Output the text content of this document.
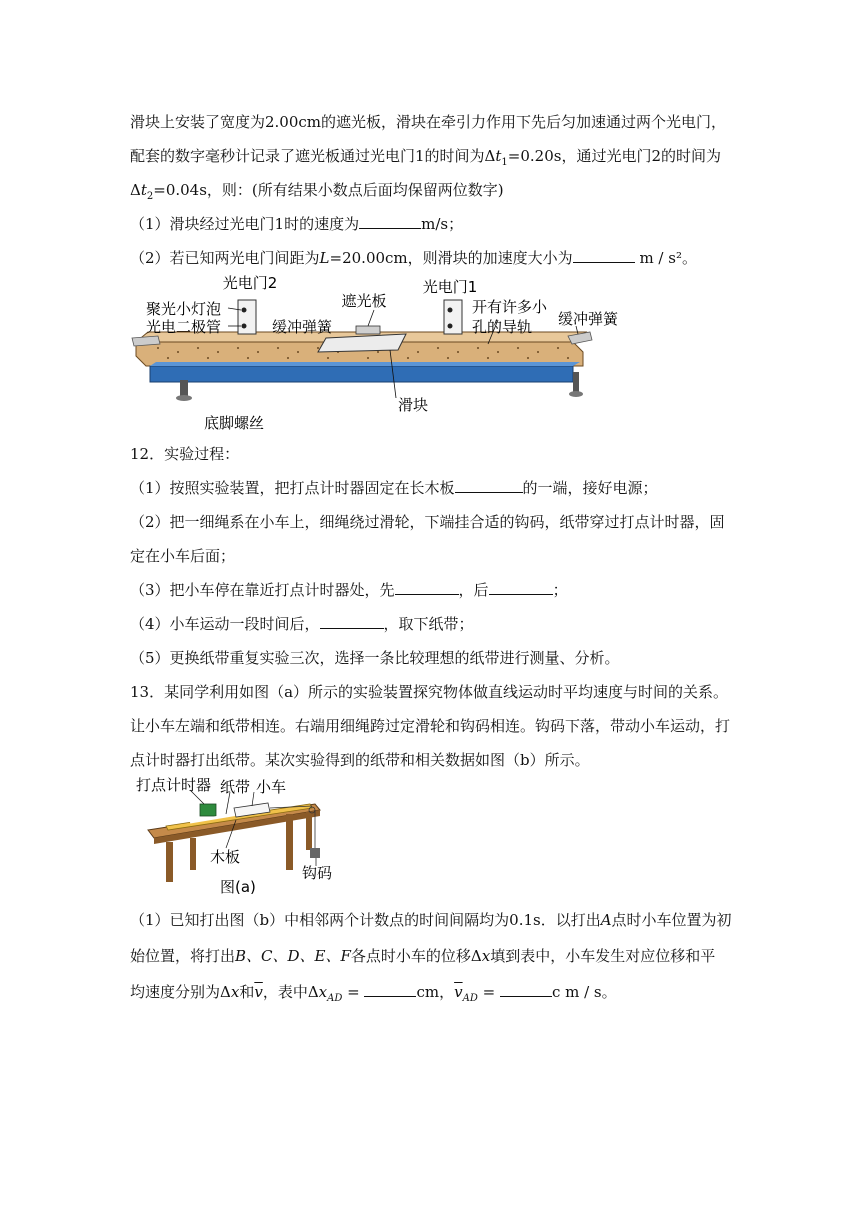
滑块上安装了宽度为2.00cm的遮光板，滑块在牵引力作用下先后匀加速通过两个光电门，
配套的数字毫秒计记录了遮光板通过光电门1的时间为$\Delta t_1=0.20s$，通过光电门2的时间为
$\Delta t_2=0.04s$，则：(所有结果小数点后面均保留两位数字)
（1）滑块经过光电门1时的速度为	m/s；
（2）若已知两光电门间距为L=20.00cm，则滑块的加速度大小为	m / s²。
光电门2
聚光小灯泡
光电二极管
遮光板
缓冲弹簧
光电门1
开有许多小
孔的导轨 缓冲弹簧
滑块
底脚螺丝
12．实验过程：
（1）按照实验装置，把打点计时器固定在长木板	的一端，接好电源；
（2）把一细绳系在小车上，细绳绕过滑轮，下端挂合适的钩码，纸带穿过打点计时器，固
定在小车后面；
（3）把小车停在靠近打点计时器处，先	，后	；
（4）小车运动一段时间后，	，取下纸带；
（5）更换纸带重复实验三次，选择一条比较理想的纸带进行测量、分析。
13．某同学利用如图（a）所示的实验装置探究物体做直线运动时平均速度与时间的关系。
让小车左端和纸带相连。右端用细绳跨过定滑轮和钩码相连。钩码下落，带动小车运动，打
点计时器打出纸带。某次实验得到的纸带和相关数据如图（b）所示。
打点计时器 纸带 小车
木板
钩码
图(a)
（1）已知打出图（b）中相邻两个计数点的时间间隔均为0.1s．以打出A点时小车位置为初
始位置，将打出B、C、D、E、F各点时小车的位移Δx填到表中，小车发生对应位移和平
均速度分别为Δx和$\overline{v}$，表中$\Delta x_{AD}$ =	cm，$\overline{v}_{AD}$ =	c m / s。
